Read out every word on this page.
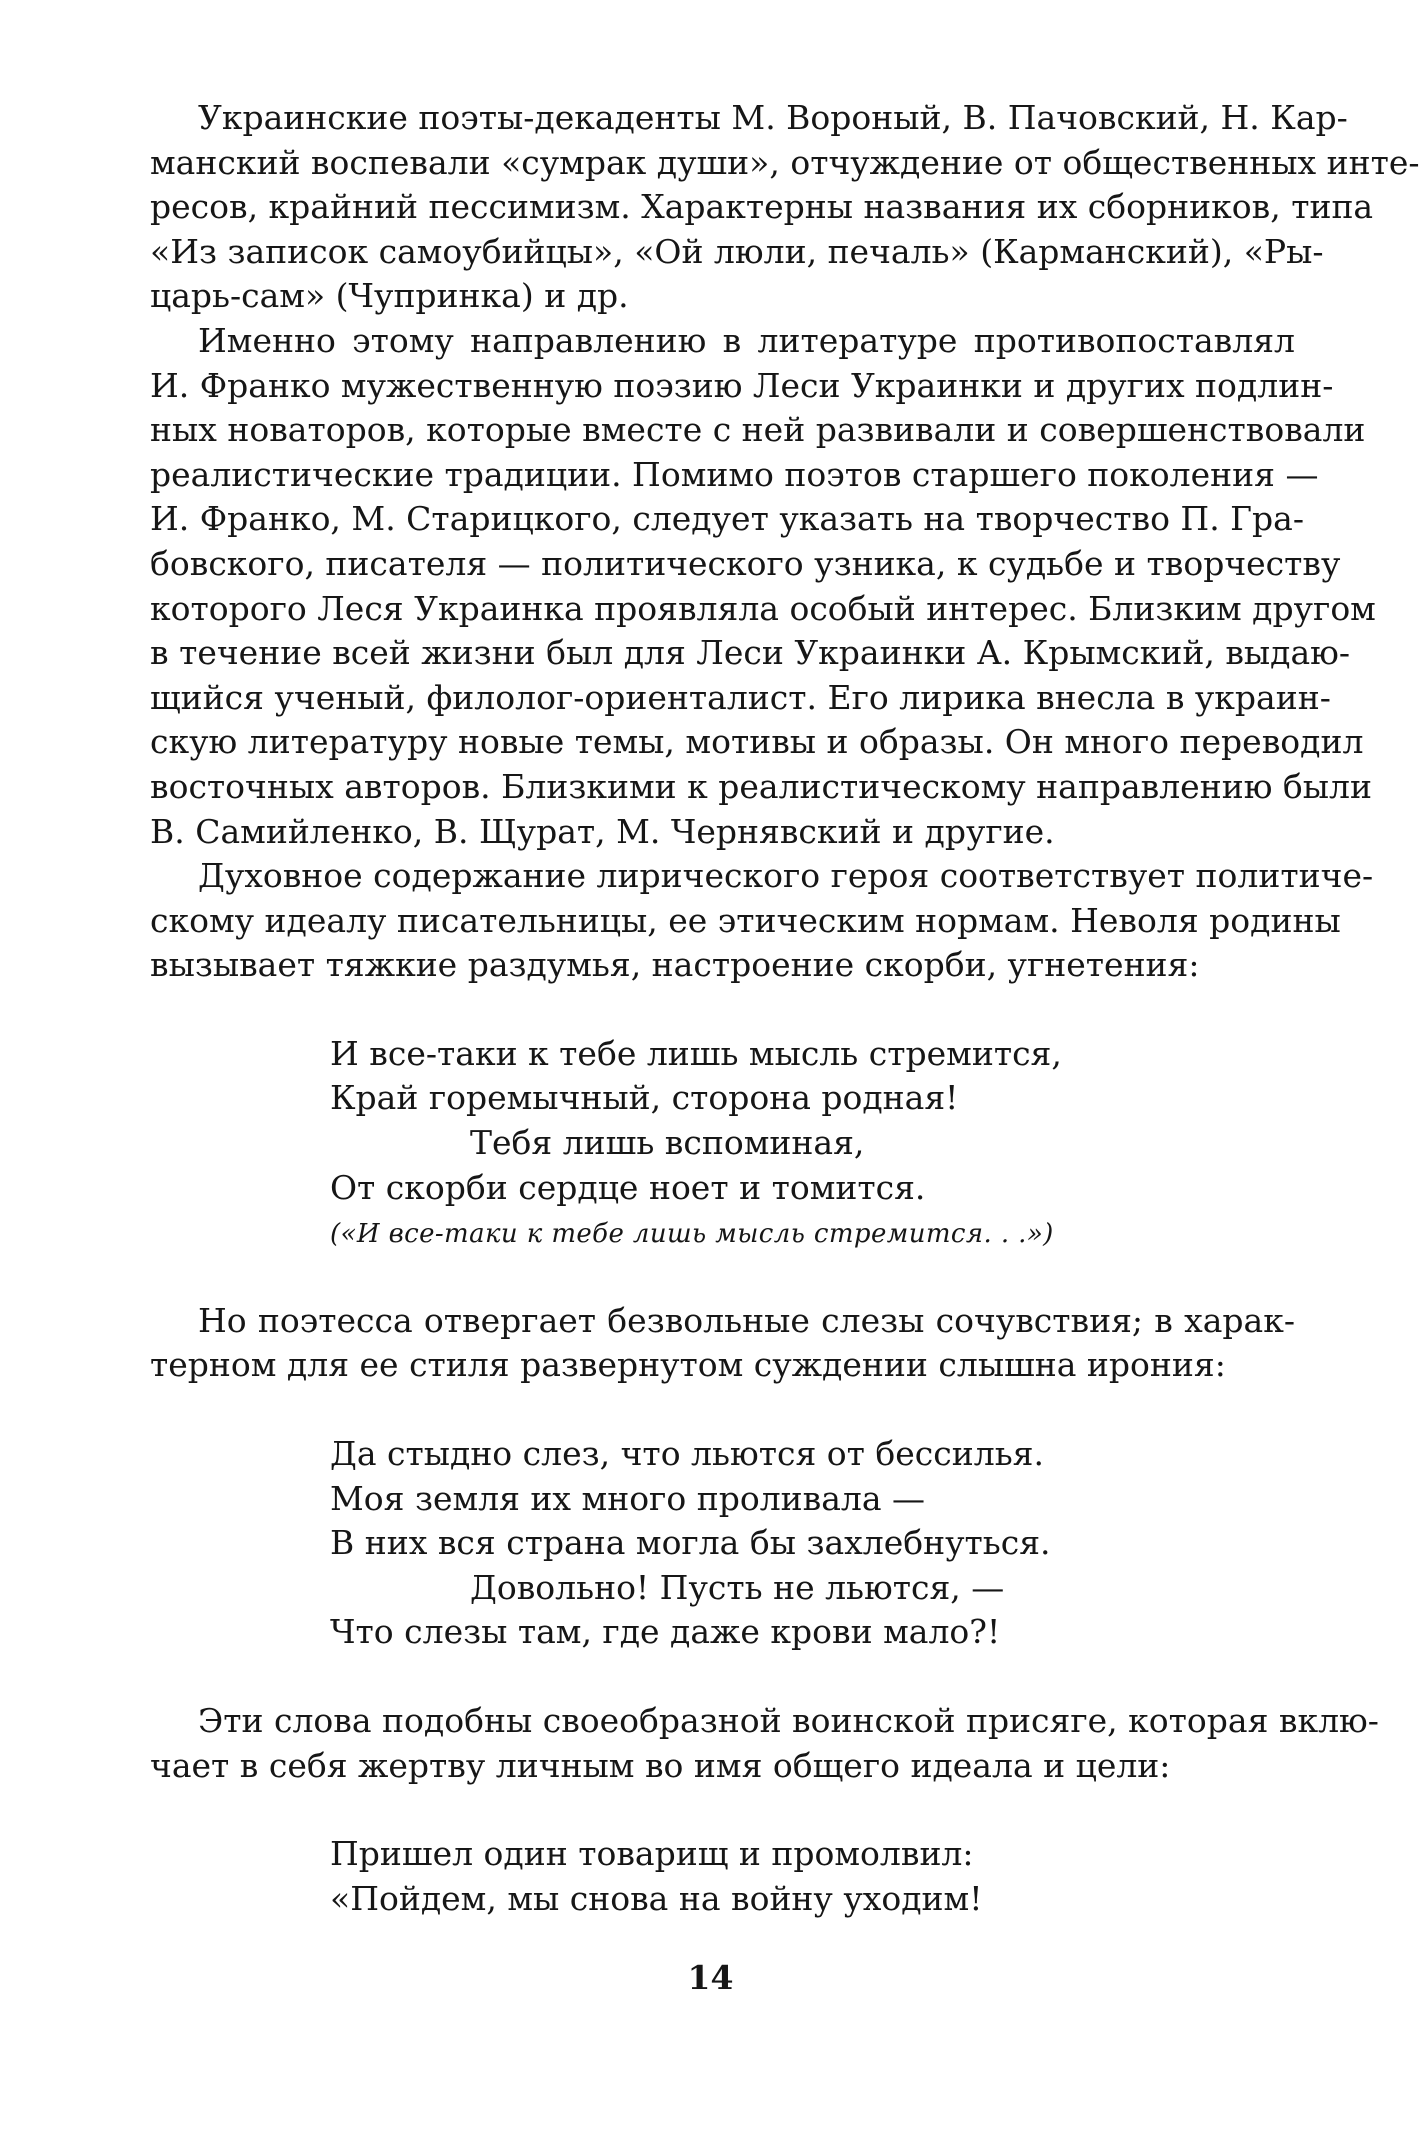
Украинские поэты-декаденты М. Вороный, В. Пачовский, Н. Кар-
манский воспевали «сумрак души», отчуждение от общественных инте-
ресов, крайний пессимизм. Характерны названия их сборников, типа
«Из записок самоубийцы», «Ой люли, печаль» (Карманский), «Ры-
царь-сам» (Чупринка) и др.

Именно этому направлению в литературе противопоставлял
И. Франко мужественную поэзию Леси Украинки и других подлин-
ных новаторов, которые вместе с ней развивали и совершенствовали
реалистические традиции. Помимо поэтов старшего поколения —
И. Франко, М. Старицкого, следует указать на творчество П. Гра-
бовского, писателя — политического узника, к судьбе и творчеству
которого Леся Украинка проявляла особый интерес. Близким другом
в течение всей жизни был для Леси Украинки А. Крымский, выдаю-
щийся ученый, филолог-ориенталист. Его лирика внесла в украин-
скую литературу новые темы, мотивы и образы. Он много переводил
восточных авторов. Близкими к реалистическому направлению были
В. Самийленко, В. Щурат, М. Чернявский и другие.

Духовное содержание лирического героя соответствует политиче-
скому идеалу писательницы, ее этическим нормам. Неволя родины
вызывает тяжкие раздумья, настроение скорби, угнетения:

И все-таки к тебе лишь мысль стремится,
Край горемычный, сторона родная!
Тебя лишь вспоминая,
От скорби сердце ноет и томится.
(«И все-таки к тебе лишь мысль стремится. . .»)

Но поэтесса отвергает безвольные слезы сочувствия; в харак-
терном для ее стиля развернутом суждении слышна ирония:

Да стыдно слез, что льются от бессилья.
Моя земля их много проливала —
В них вся страна могла бы захлебнуться.
Довольно! Пусть не льются, —
Что слезы там, где даже крови мало?!

Эти слова подобны своеобразной воинской присяге, которая вклю-
чает в себя жертву личным во имя общего идеала и цели:

Пришел один товарищ и промолвил:
«Пойдем, мы снова на войну уходим!
14
